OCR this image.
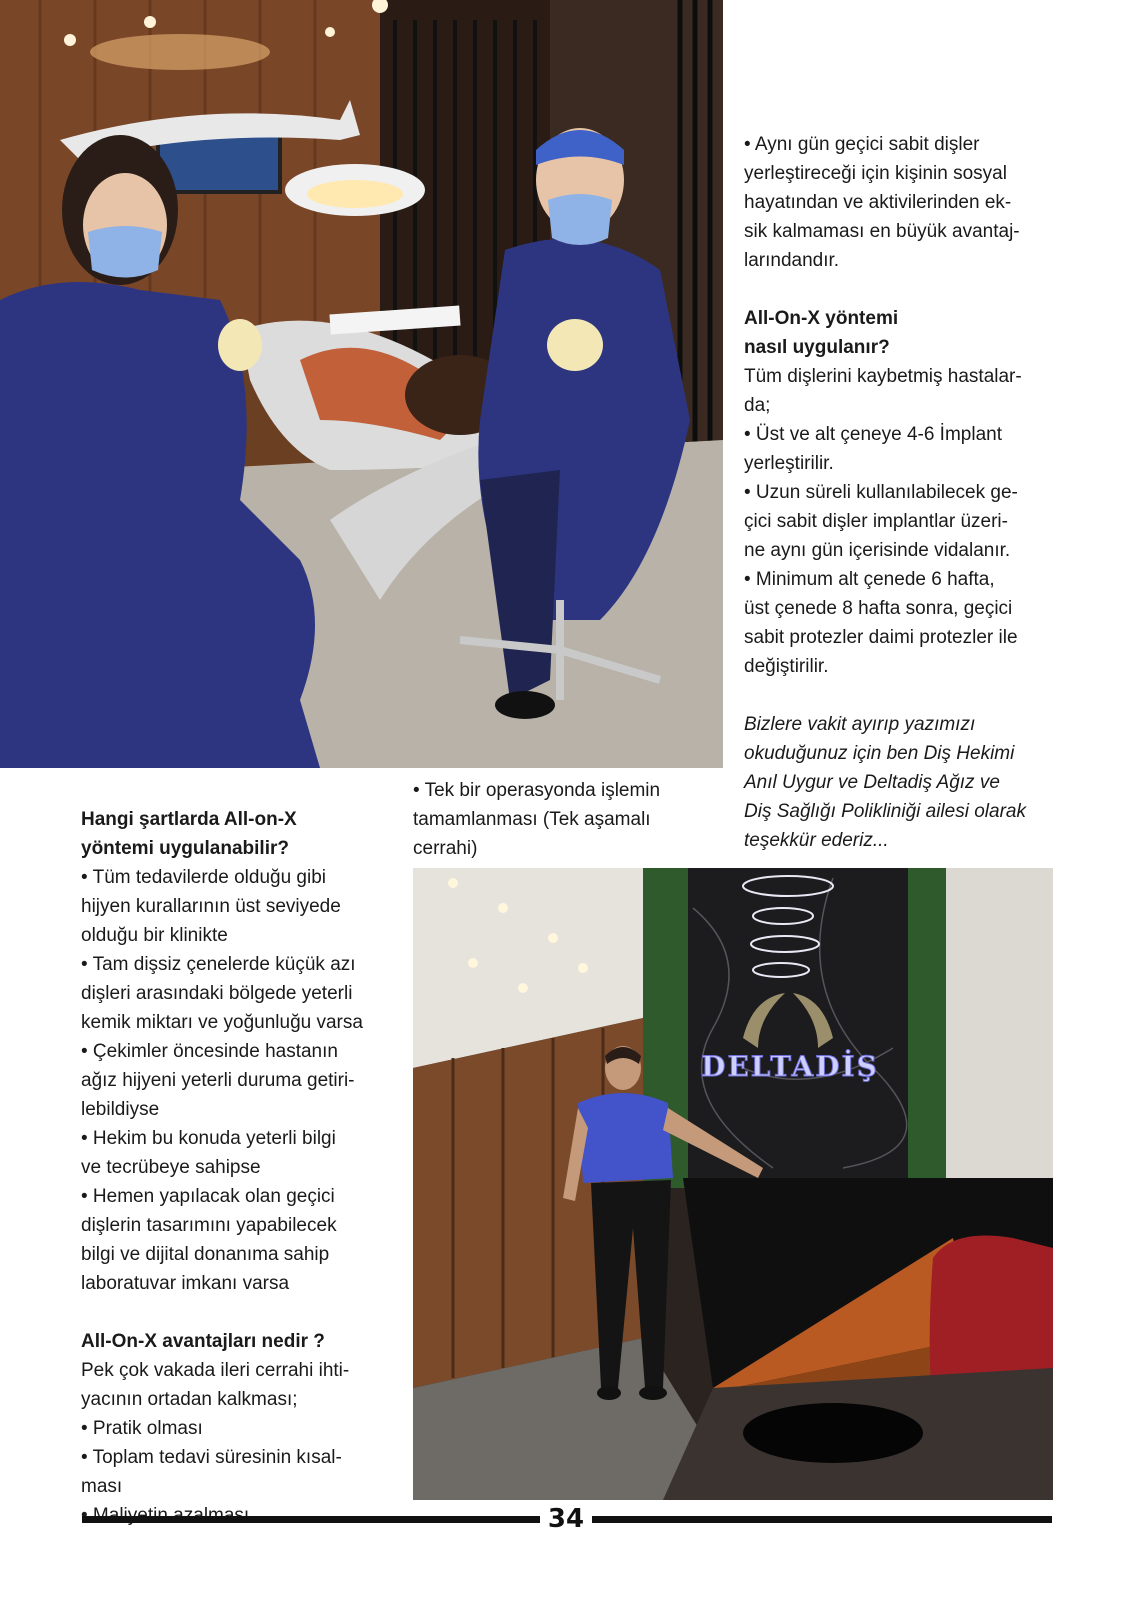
DELTADİŞ

• Aynı gün geçici sabit dişler

yerleştireceği için kişinin sosyal

hayatından ve aktivilerinden ek-

sik kalmaması en büyük avantaj-

larındandır.

All-On-X yöntemi

nasıl uygulanır?

Tüm dişlerini kaybetmiş hastalar-

da;

• Üst ve alt çeneye 4-6 İmplant

yerleştirilir.

• Uzun süreli kullanılabilecek ge-

çici sabit dişler implantlar üzeri-

ne aynı gün içerisinde vidalanır.

• Minimum alt çenede 6 hafta,

üst çenede 8 hafta sonra, geçici

sabit protezler daimi protezler ile

değiştirilir.

Bizlere vakit ayırıp yazımızı

okuduğunuz için ben Diş Hekimi

Anıl Uygur ve Deltadiş Ağız ve

Diş Sağlığı Polikliniği ailesi olarak

teşekkür ederiz...

• Tek bir operasyonda işlemin

tamamlanması (Tek aşamalı

cerrahi)

Hangi şartlarda All-on-X

yöntemi uygulanabilir?

• Tüm tedavilerde olduğu gibi

hijyen kurallarının üst seviyede

olduğu bir klinikte

• Tam dişsiz çenelerde küçük azı

dişleri arasındaki bölgede yeterli

kemik miktarı ve yoğunluğu varsa

• Çekimler öncesinde hastanın

ağız hijyeni yeterli duruma getiri-

lebildiyse

• Hekim bu konuda yeterli bilgi

ve tecrübeye sahipse

• Hemen yapılacak olan geçici

dişlerin tasarımını yapabilecek

bilgi ve dijital donanıma sahip

laboratuvar imkanı varsa

All-On-X avantajları nedir ?

Pek çok vakada ileri cerrahi ihti-

yacının ortadan kalkması;

• Pratik olması

• Toplam tedavi süresinin kısal-

ması

34
